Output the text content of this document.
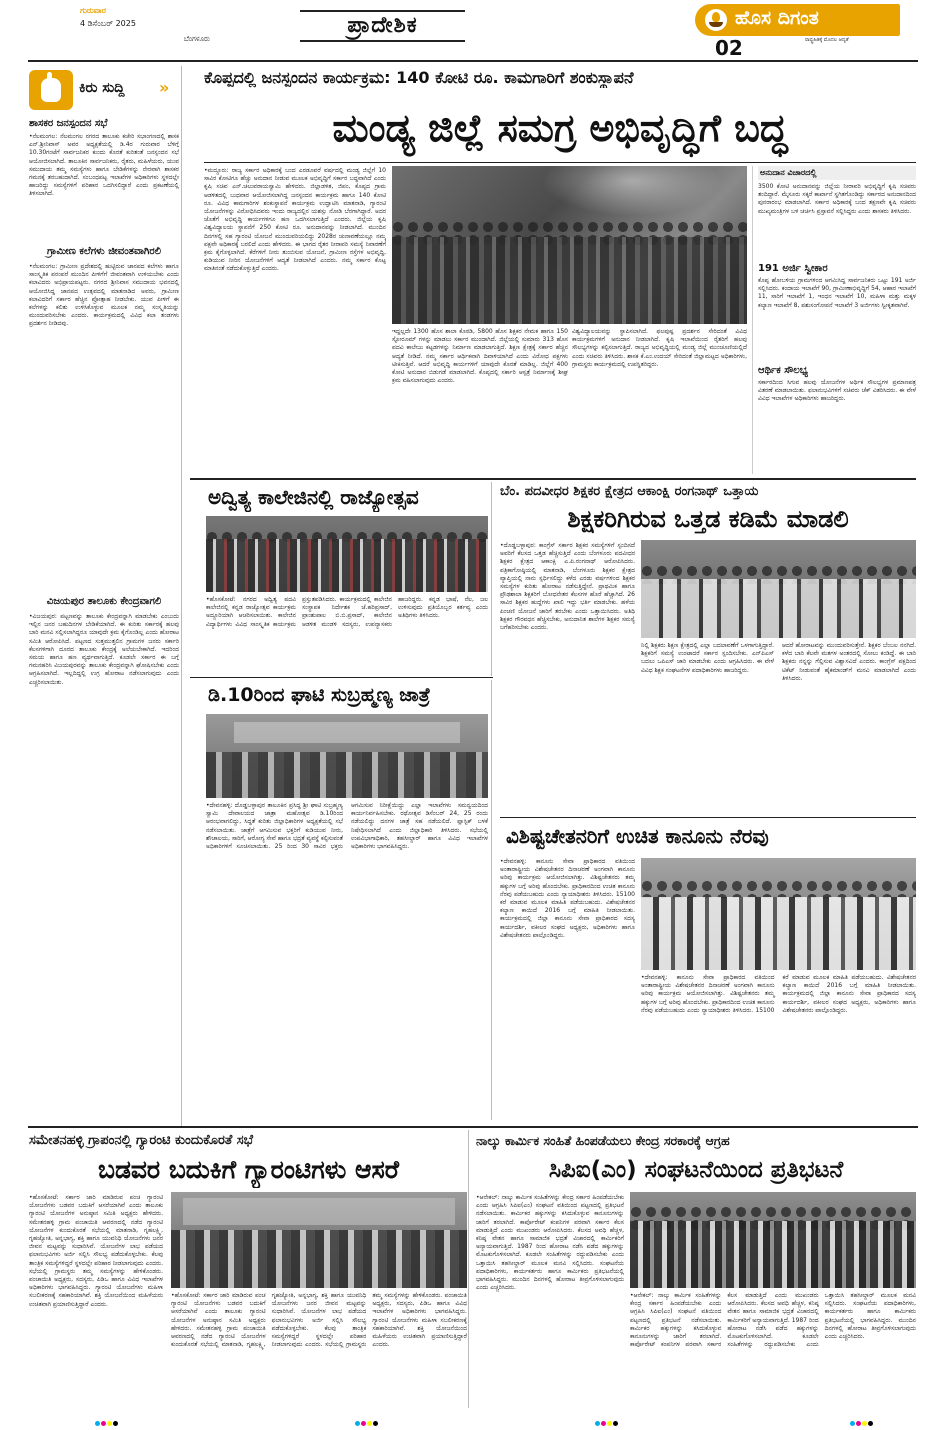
ಗುರುವಾರ
4 ಡಿಸೆಂಬರ್ 2025
ಬೆಂಗಳೂರು
ಪ್ರಾದೇಶಿಕ	ಹೊಸ ದಿಗಂತ
ರಾಷ್ಟ್ರಹಿತಕ್ಕೆ ಮೊದಲ ಆದ್ಯತೆ
02
ಕಿರು ಸುದ್ದಿ »
ಶಾಸಕರ ಜನಸ್ಪಂದನ ಸಭೆ
•ನೆಲಮಂಗಲ: ನೆಲಮಂಗಲ ನಗರದ ತಾಲೂಕು ಕಚೇರಿ ಸಭಾಂಗಣದಲ್ಲಿ ಶಾಸಕ ಎನ್.ಶ್ರೀನಿವಾಸ್ ಅವರ ಅಧ್ಯಕ್ಷತೆಯಲ್ಲಿ ಡಿ.4ರ ಗುರುವಾರ ಬೆಳಿಗ್ಗೆ 10.30ಗಂಟೆಗೆ ಸಾರ್ವಜನಿಕರ ಕುಂದು ಕೊರತೆ ಕುರಿತಂತೆ ಜನಸ್ಪಂದನ ಸಭೆ ಆಯೋಜಿಸಲಾಗಿದೆ. ತಾಲೂಕಿನ ಸಾರ್ವಜನಿಕರು, ರೈತರು, ಮಹಿಳೆಯರು, ಯುವ ಸಮುದಾಯ ತಮ್ಮ ಸಮಸ್ಯೆಗಳು ಹಾಗೂ ಬೇಡಿಕೆಗಳನ್ನು ನೇರವಾಗಿ ಶಾಸಕರ ಗಮನಕ್ಕೆ ತರಬಹುದಾಗಿದೆ. ಸಂಬಂಧಪಟ್ಟ ಇಲಾಖೆಗಳ ಅಧಿಕಾರಿಗಳು ಸ್ಥಳದಲ್ಲೇ ಹಾಜರಿದ್ದು ಸಮಸ್ಯೆಗಳಿಗೆ ಪರಿಹಾರ ಒದಗಿಸಲಿದ್ದಾರೆ ಎಂದು ಪ್ರಕಟಣೆಯಲ್ಲಿ ತಿಳಿಸಲಾಗಿದೆ.
ಗ್ರಾಮೀಣ ಕಲೆಗಳು ಜೀವಂತವಾಗಿರಲಿ
•ನೆಲಮಂಗಲ: ಗ್ರಾಮೀಣ ಪ್ರದೇಶದಲ್ಲಿ ಹುಟ್ಟಿರುವ ಜಾನಪದ ಕಲೆಗಳು ಹಾಗೂ ಸಾಂಸ್ಕೃತಿಕ ಪರಂಪರೆ ಮುಂದಿನ ಪೀಳಿಗೆಗೆ ಜೀವಂತವಾಗಿ ಉಳಿಯಬೇಕು ಎಂದು ಕಲಾವಿದರು ಅಭಿಪ್ರಾಯಪಟ್ಟರು. ನಗರದ ಶ್ರೀನಿವಾಸ ಸಮುದಾಯ ಭವನದಲ್ಲಿ ಆಯೋಜಿಸಿದ್ದ ಜಾನಪದ ಉತ್ಸವದಲ್ಲಿ ಮಾತನಾಡಿದ ಅವರು, ಗ್ರಾಮೀಣ ಕಲಾವಿದರಿಗೆ ಸರ್ಕಾರ ಹೆಚ್ಚಿನ ಪ್ರೋತ್ಸಾಹ ನೀಡಬೇಕು. ಯುವ ಪೀಳಿಗೆ ಈ ಕಲೆಗಳನ್ನು ಕಲಿತು ಉಳಿಸಿಕೊಳ್ಳುವ ಮೂಲಕ ನಮ್ಮ ಸಂಸ್ಕೃತಿಯನ್ನು ಮುಂದುವರಿಸಬೇಕು ಎಂದರು. ಕಾರ್ಯಕ್ರಮದಲ್ಲಿ ವಿವಿಧ ಕಲಾ ತಂಡಗಳು ಪ್ರದರ್ಶನ ನೀಡಿದವು.
ವಿಜಯಪುರ ತಾಲೂಕು ಕೇಂದ್ರವಾಗಲಿ
•ವಿಜಯಪುರ: ಪಟ್ಟಣವನ್ನು ತಾಲೂಕು ಕೇಂದ್ರವನ್ನಾಗಿ ಮಾಡಬೇಕು ಎಂಬುದು ಇಲ್ಲಿನ ಜನರ ಬಹುದಿನಗಳ ಬೇಡಿಕೆಯಾಗಿದೆ. ಈ ಕುರಿತು ಸರ್ಕಾರಕ್ಕೆ ಹಲವು ಬಾರಿ ಮನವಿ ಸಲ್ಲಿಸಲಾಗಿದ್ದರೂ ಯಾವುದೇ ಕ್ರಮ ಕೈಗೊಂಡಿಲ್ಲ ಎಂದು ಹೋರಾಟ ಸಮಿತಿ ಆರೋಪಿಸಿದೆ. ಪಟ್ಟಣದ ಸುತ್ತಮುತ್ತಲಿನ ಗ್ರಾಮಗಳ ಜನರು ಸರ್ಕಾರಿ ಕೆಲಸಗಳಿಗಾಗಿ ದೂರದ ತಾಲೂಕು ಕೇಂದ್ರಕ್ಕೆ ಅಲೆಯಬೇಕಾಗಿದೆ. ಇದರಿಂದ ಸಮಯ ಹಾಗೂ ಹಣ ವ್ಯರ್ಥವಾಗುತ್ತಿದೆ. ಕೂಡಲೇ ಸರ್ಕಾರ ಈ ಬಗ್ಗೆ ಗಮನಹರಿಸಿ ವಿಜಯಪುರವನ್ನು ತಾಲೂಕು ಕೇಂದ್ರವನ್ನಾಗಿ ಘೋಷಿಸಬೇಕು ಎಂದು ಆಗ್ರಹಿಸಲಾಗಿದೆ. ಇಲ್ಲದಿದ್ದಲ್ಲಿ ಉಗ್ರ ಹೋರಾಟ ನಡೆಸಲಾಗುವುದು ಎಂದು ಎಚ್ಚರಿಸಲಾಯಿತು.
ಕೊಪ್ಪದಲ್ಲಿ ಜನಸ್ಪಂದನ ಕಾರ್ಯಕ್ರಮ: 140 ಕೋಟಿ ರೂ. ಕಾಮಗಾರಿಗೆ ಶಂಕುಸ್ಥಾಪನೆ
ಮಂಡ್ಯ ಜಿಲ್ಲೆ ಸಮಗ್ರ ಅಭಿವೃದ್ಧಿಗೆ ಬದ್ಧ
•ಮದ್ದೂರು: ರಾಜ್ಯ ಸರ್ಕಾರ ಅಧಿಕಾರಕ್ಕೆ ಬಂದ ಎರಡೂವರೆ ವರ್ಷದಲ್ಲಿ ಮಂಡ್ಯ ಜಿಲ್ಲೆಗೆ 10 ಸಾವಿರ ಕೋಟಿಗೂ ಹೆಚ್ಚು ಅನುದಾನ ನೀಡುವ ಮೂಲಕ ಅಭಿವೃದ್ಧಿಗೆ ಸರ್ಕಾರ ಬದ್ಧವಾಗಿದೆ ಎಂದು ಕೃಷಿ ಸಚಿವ ಎನ್.ಚಲುವರಾಯಸ್ವಾಮಿ ಹೇಳಿದರು. ಜಿಲ್ಲಾಡಳಿತ, ಜಿಪಂ, ಕೊಪ್ಪದ ಗ್ರಾಮ ಆಡಳಿತದಲ್ಲಿ ಬುಧವಾರ ಆಯೋಜಿಸಲಾಗಿದ್ದ ಜನಸ್ಪಂದನ ಕಾರ್ಯಕ್ರಮ ಹಾಗೂ 140 ಕೋಟಿ ರೂ. ವಿವಿಧ ಕಾಮಗಾರಿಗಳ ಶಂಕುಸ್ಥಾಪನೆ ಕಾರ್ಯಕ್ರಮ ಉದ್ಘಾಟಿಸಿ ಮಾತನಾಡಿ, ಗ್ಯಾರಂಟಿ ಯೋಜನೆಗಳನ್ನು ವಿರೋಧಿಸಿದವರು ಇಂದು ರಾಜ್ಯದಲ್ಲಿನ ಯಶಸ್ಸು ನೋಡಿ ಬೆರಗಾಗಿದ್ದಾರೆ. ಅದರ ಜೊತೆಗೆ ಅಭಿವೃದ್ಧಿ ಕಾರ್ಯಗಳಿಗೂ ಹಣ ಒದಗಿಸಲಾಗುತ್ತಿದೆ ಎಂದರು. ಜಿಲ್ಲೆಯ ಕೃಷಿ ವಿಶ್ವವಿದ್ಯಾಲಯ ಸ್ಥಾಪನೆಗೆ 250 ಕೋಟಿ ರೂ. ಅನುದಾನವನ್ನು ನೀಡಲಾಗಿದೆ. ಮುಂದಿನ ದಿನಗಳಲ್ಲಿ ಸಹ ಗ್ಯಾರಂಟಿ ಯೋಜನೆ ಮುಂದುವರಿಯಲಿದ್ದು 2028ರ ಚುನಾವಣೆಯಲ್ಲೂ ನಮ್ಮ ಪಕ್ಷವೇ ಅಧಿಕಾರಕ್ಕೆ ಬರಲಿದೆ ಎಂದು ಹೇಳಿದರು. ಈ ಭಾಗದ ರೈತರ ನೀರಾವರಿ ಸಮಸ್ಯೆ ನಿವಾರಣೆಗೆ ಕ್ರಮ ಕೈಗೊಳ್ಳಲಾಗಿದೆ. ಕೆರೆಗಳಿಗೆ ನೀರು ತುಂಬಿಸುವ ಯೋಜನೆ, ಗ್ರಾಮೀಣ ರಸ್ತೆಗಳ ಅಭಿವೃದ್ಧಿ, ಕುಡಿಯುವ ನೀರಿನ ಯೋಜನೆಗಳಿಗೆ ಆದ್ಯತೆ ನೀಡಲಾಗಿದೆ ಎಂದರು. ನಮ್ಮ ಸರ್ಕಾರ ಕೊಟ್ಟ ಮಾತಿನಂತೆ ನಡೆದುಕೊಳ್ಳುತ್ತಿದೆ ಎಂದರು.
ಇದ್ದಲ್ಲದೇ 1300 ಹೊಸ ಶಾಲಾ ಕೊಠಡಿ, 5800 ಹೊಸ ಶಿಕ್ಷಕರ ನೇಮಕ ಹಾಗೂ 150 ಸ್ಟೋರೂಮ್ ಗಳನ್ನು ಮಾಡಲು ಸರ್ಕಾರ ಮುಂದಾಗಿದೆ. ಜಿಲ್ಲೆಯಲ್ಲಿ ಸುಮಾರು 313 ಹೊಸ ಪದವಿ ಕಾಲೇಜು ಕಟ್ಟಡಗಳನ್ನು ನಿರ್ಮಾಣ ಮಾಡಲಾಗುತ್ತಿದೆ. ಶಿಕ್ಷಣ ಕ್ಷೇತ್ರಕ್ಕೆ ಸರ್ಕಾರ ಹೆಚ್ಚಿನ ಆದ್ಯತೆ ನೀಡಿದೆ. ನಮ್ಮ ಸರ್ಕಾರ ಆರ್ಥಿಕವಾಗಿ ದಿವಾಳಿಯಾಗಿದೆ ಎಂದು ವಿರೋಧ ಪಕ್ಷಗಳು ಟೀಕಿಸುತ್ತಿವೆ. ಆದರೆ ಅಭಿವೃದ್ಧಿ ಕಾರ್ಯಗಳಿಗೆ ಯಾವುದೇ ಕೊರತೆ ಮಾಡಿಲ್ಲ. ಜಿಲ್ಲೆಗೆ 400 ಕೋಟಿ ಅನುದಾನ ಬಿಡುಗಡೆ ಮಾಡಲಾಗಿದೆ. ಕೊಪ್ಪದಲ್ಲಿ ಸರ್ಕಾರಿ ಆಸ್ಪತ್ರೆ ನಿರ್ಮಾಣಕ್ಕೆ ಶೀಘ್ರ ಕ್ರಮ ವಹಿಸಲಾಗುವುದು ಎಂದರು.
ವಿಶ್ವವಿದ್ಯಾಲಯವನ್ನು ಸ್ಥಾಪಿಸಲಾಗಿದೆ. ಫಲಪುಷ್ಪ ಪ್ರದರ್ಶನ ಸೇರಿದಂತೆ ವಿವಿಧ ಕಾರ್ಯಕ್ರಮಗಳಿಗೆ ಅನುದಾನ ನೀಡಲಾಗಿದೆ. ಕೃಷಿ ಇಲಾಖೆಯಿಂದ ರೈತರಿಗೆ ಹಲವು ಸೌಲಭ್ಯಗಳನ್ನು ಕಲ್ಪಿಸಲಾಗುತ್ತಿದೆ. ರಾಜ್ಯದ ಅಭಿವೃದ್ಧಿಯಲ್ಲಿ ಮಂಡ್ಯ ಜಿಲ್ಲೆ ಮುಂಚೂಣಿಯಲ್ಲಿದೆ ಎಂದು ಸಚಿವರು ತಿಳಿಸಿದರು. ಶಾಸಕ ಕೆ.ಎಂ.ಉದಯ್ ಸೇರಿದಂತೆ ಜಿಲ್ಲಾಮಟ್ಟದ ಅಧಿಕಾರಿಗಳು, ಗ್ರಾಮಸ್ಥರು ಕಾರ್ಯಕ್ರಮದಲ್ಲಿ ಉಪಸ್ಥಿತರಿದ್ದರು.
ಅನುದಾನ ವಿಚಾರದಲ್ಲಿ
3500 ಕೋಟಿ ಅನುದಾನವನ್ನು ಜಿಲ್ಲೆಯ ನೀರಾವರಿ ಅಭಿವೃದ್ಧಿಗೆ ಕೃಷಿ ಸಚಿವರು ತಂದಿದ್ದಾರೆ. ಮೈಸೂರು ಸಕ್ಕರೆ ಕಾರ್ಖಾನೆ ಸ್ಥಗಿತಗೊಂಡಿದ್ದು ಸರ್ಕಾರದ ಅನುದಾನದಿಂದ ಪುನರಾರಂಭ ಮಾಡಲಾಗಿದೆ. ಸರ್ಕಾರ ಅಧಿಕಾರಕ್ಕೆ ಬಂದ ತಕ್ಷಣವೇ ಕೃಷಿ ಸಚಿವರು ಮುಖ್ಯಮಂತ್ರಿಗಳ ಬಳಿ ಚರ್ಚಿಸಿ ಪ್ರಸ್ತಾವನೆ ಸಲ್ಲಿಸಿದ್ದರು ಎಂದು ಶಾಸಕರು ತಿಳಿಸಿದರು.
191 ಅರ್ಜಿ ಸ್ವೀಕಾರ
ಕೊಪ್ಪ ಹೋಬಳಿಯ ಗ್ರಾಮಗಳಿಂದ ಆಗಮಿಸಿದ್ದ ಸಾರ್ವಜನಿಕರು ಒಟ್ಟು 191 ಅರ್ಜಿ ಸಲ್ಲಿಸಿದರು. ಕಂದಾಯ ಇಲಾಖೆಗೆ 90, ಗ್ರಾಮೀಣಾಭಿವೃದ್ಧಿಗೆ 54, ಆಹಾರ ಇಲಾಖೆಗೆ 11, ಸಾರಿಗೆ ಇಲಾಖೆಗೆ 1, ಇಂಧನ ಇಲಾಖೆಗೆ 10, ಮಹಿಳಾ ಮತ್ತು ಮಕ್ಕಳ ಕಲ್ಯಾಣ ಇಲಾಖೆಗೆ 8, ಪಶುಸಂಗೋಪನೆ ಇಲಾಖೆಗೆ 3 ಅರ್ಜಿಗಳು ಸ್ವೀಕೃತವಾಗಿವೆ.
ಆರ್ಥಿಕ ಸೌಲಭ್ಯ
ಸರ್ಕಾರದಿಂದ ಸಿಗುವ ಹಲವು ಯೋಜನೆಗಳ ಅರ್ಥಿಕ ಸೌಲಭ್ಯಗಳ ಪ್ರಮಾಣಪತ್ರ ವಿತರಣೆ ಮಾಡಲಾಯಿತು. ಫಲಾನುಭವಿಗಳಿಗೆ ಸಚಿವರು ಚೆಕ್ ವಿತರಿಸಿದರು. ಈ ವೇಳೆ ವಿವಿಧ ಇಲಾಖೆಗಳ ಅಧಿಕಾರಿಗಳು ಹಾಜರಿದ್ದರು.
ಅದ್ವಿತ್ಯ ಕಾಲೇಜಿನಲ್ಲಿ ರಾಜ್ಯೋತ್ಸವ
•ಹೊಸಕೋಟೆ: ನಗರದ ಅದ್ವಿತ್ಯ ಪದವಿ ಕಾಲೇಜಿನಲ್ಲಿ ಕನ್ನಡ ರಾಜ್ಯೋತ್ಸವ ಕಾರ್ಯಕ್ರಮ ಅದ್ದೂರಿಯಾಗಿ ಆಚರಿಸಲಾಯಿತು. ಕಾಲೇಜಿನ ವಿದ್ಯಾರ್ಥಿಗಳು ವಿವಿಧ ಸಾಂಸ್ಕೃತಿಕ ಕಾರ್ಯಕ್ರಮ ಪ್ರಸ್ತುತಪಡಿಸಿದರು. ಕಾರ್ಯಕ್ರಮದಲ್ಲಿ ಕಾಲೇಜಿನ ಸಂಸ್ಥಾಪಕ ನಿರ್ದೇಶಕ ಜೆ.ಹರಿಪ್ರಸಾದ್, ಪ್ರಾಂಶುಪಾಲ ಬಿ.ಬಿ.ಪ್ರಸಾದ್, ಕಾಲೇಜಿನ ಆಡಳಿತ ಮಂಡಳಿ ಸದಸ್ಯರು, ಉಪನ್ಯಾಸಕರು ಹಾಜರಿದ್ದರು. ಕನ್ನಡ ಭಾಷೆ, ನೆಲ, ಜಲ ಉಳಿಸುವುದು ಪ್ರತಿಯೊಬ್ಬರ ಕರ್ತವ್ಯ ಎಂದು ಅತಿಥಿಗಳು ತಿಳಿಸಿದರು.
ಡಿ.10ರಿಂದ ಘಾಟಿ ಸುಬ್ರಹ್ಮಣ್ಯ ಜಾತ್ರೆ
•ದೇವನಹಳ್ಳಿ: ದೊಡ್ಡಬಳ್ಳಾಪುರ ತಾಲೂಕಿನ ಪ್ರಸಿದ್ಧ ಶ್ರೀ ಘಾಟಿ ಸುಬ್ರಹ್ಮಣ್ಯ ಸ್ವಾಮಿ ದೇವಾಲಯದ ಜಾತ್ರಾ ಮಹೋತ್ಸವ ಡಿ.10ರಿಂದ ಆರಂಭವಾಗಲಿದ್ದು, ಸಿದ್ಧತೆ ಕುರಿತು ಜಿಲ್ಲಾಧಿಕಾರಿಗಳ ಅಧ್ಯಕ್ಷತೆಯಲ್ಲಿ ಸಭೆ ನಡೆಸಲಾಯಿತು. ಜಾತ್ರೆಗೆ ಆಗಮಿಸುವ ಭಕ್ತರಿಗೆ ಕುಡಿಯುವ ನೀರು, ಶೌಚಾಲಯ, ಸಾರಿಗೆ, ಆರೋಗ್ಯ ಸೇವೆ ಹಾಗೂ ಭದ್ರತೆ ವ್ಯವಸ್ಥೆ ಕಲ್ಪಿಸುವಂತೆ ಅಧಿಕಾರಿಗಳಿಗೆ ಸೂಚಿಸಲಾಯಿತು. 25 ರಿಂದ 30 ಸಾವಿರ ಭಕ್ತರು ಆಗಮಿಸುವ ನಿರೀಕ್ಷೆಯಿದ್ದು ಎಲ್ಲಾ ಇಲಾಖೆಗಳು ಸಮನ್ವಯದಿಂದ ಕಾರ್ಯನಿರ್ವಹಿಸಬೇಕು. ರಥೋತ್ಸವ ಡಿಸೆಂಬರ್ 24, 25 ರಂದು ನಡೆಯಲಿದ್ದು ದನಗಳ ಜಾತ್ರೆ ಸಹ ನಡೆಯಲಿದೆ. ಪ್ಲಾಸ್ಟಿಕ್ ಬಳಕೆ ನಿಷೇಧಿಸಲಾಗಿದೆ ಎಂದು ಜಿಲ್ಲಾಧಿಕಾರಿ ತಿಳಿಸಿದರು. ಸಭೆಯಲ್ಲಿ ಉಪವಿಭಾಗಾಧಿಕಾರಿ, ತಹಸೀಲ್ದಾರ್ ಹಾಗೂ ವಿವಿಧ ಇಲಾಖೆಗಳ ಅಧಿಕಾರಿಗಳು ಭಾಗವಹಿಸಿದ್ದರು.
ಬೆಂ. ಪದವೀಧರ ಶಿಕ್ಷಕರ ಕ್ಷೇತ್ರದ ಆಕಾಂಕ್ಷಿ ರಂಗನಾಥ್ ಒತ್ತಾಯ
ಶಿಕ್ಷಕರಿಗಿರುವ ಒತ್ತಡ ಕಡಿಮೆ ಮಾಡಲಿ
•ದೊಡ್ಡಬಳ್ಳಾಪುರ: ಕಾಂಗ್ರೆಸ್ ಸರ್ಕಾರ ಶಿಕ್ಷಕರ ಸಮಸ್ಯೆಗಳಿಗೆ ಸ್ಪಂದಿಸದೆ ಅವರಿಗೆ ಕೆಲಸದ ಒತ್ತಡ ಹೆಚ್ಚಿಸುತ್ತಿದೆ ಎಂದು ಬೆಂಗಳೂರು ಪದವೀಧರ ಶಿಕ್ಷಕರ ಕ್ಷೇತ್ರದ ಆಕಾಂಕ್ಷಿ ಎ.ಪಿ.ರಂಗನಾಥ್ ಆರೋಪಿಸಿದರು. ಪತ್ರಿಕಾಗೋಷ್ಠಿಯಲ್ಲಿ ಮಾತನಾಡಿ, ಬೆಂಗಳೂರು ಶಿಕ್ಷಕರ ಕ್ಷೇತ್ರದ ವ್ಯಾಪ್ತಿಯಲ್ಲಿ ನಾನು ಸ್ಪರ್ಧಿಸಲಿದ್ದು ಕಳೆದ ಎರಡು ವರ್ಷಗಳಿಂದ ಶಿಕ್ಷಕರ ಸಮಸ್ಯೆಗಳ ಕುರಿತು ಹೋರಾಟ ನಡೆಸುತ್ತಿದ್ದೇನೆ. ಪ್ರಾಥಮಿಕ ಹಾಗೂ ಪ್ರೌಢಶಾಲಾ ಶಿಕ್ಷಕರಿಗೆ ಬೋಧನೇತರ ಕೆಲಸಗಳ ಹೊರೆ ಹೆಚ್ಚಾಗಿದೆ. 26 ಸಾವಿರ ಶಿಕ್ಷಕರ ಹುದ್ದೆಗಳು ಖಾಲಿ ಇದ್ದು ಭರ್ತಿ ಮಾಡಬೇಕು. ಹಳೆಯ ಪಿಂಚಣಿ ಯೋಜನೆ ಜಾರಿಗೆ ತರಬೇಕು ಎಂದು ಒತ್ತಾಯಿಸಿದರು. ಅತಿಥಿ ಶಿಕ್ಷಕರ ಗೌರವಧನ ಹೆಚ್ಚಿಸಬೇಕು, ಅನುದಾನಿತ ಶಾಲೆಗಳ ಶಿಕ್ಷಕರ ಸಮಸ್ಯೆ ಬಗೆಹರಿಸಬೇಕು ಎಂದರು.
ನಿಲ್ಲಿ ಶಿಕ್ಷಕರು ಶಿಕ್ಷಣ ಕ್ಷೇತ್ರದಲ್ಲಿ ಎಲ್ಲಾ ಬದಲಾವಣೆಗೆ ಒಳಗಾಗುತ್ತಿದ್ದಾರೆ. ಶಿಕ್ಷಕರಿಗೆ ಸಮಸ್ಯೆ ಉಂಟಾದರೆ ಸರ್ಕಾರ ಸ್ಪಂದಿಸಬೇಕು. ಎನ್‌ಪಿಎಸ್ ಬದಲು ಒಪಿಎಸ್ ಜಾರಿ ಮಾಡಬೇಕು ಎಂದು ಆಗ್ರಹಿಸಿದರು. ಈ ವೇಳೆ ವಿವಿಧ ಶಿಕ್ಷಕ ಸಂಘಟನೆಗಳ ಪದಾಧಿಕಾರಿಗಳು ಹಾಜರಿದ್ದರು.
ಆದರೆ ಹೋರಾಟವನ್ನು ಮುಂದುವರಿಸುತ್ತೇನೆ. ಶಿಕ್ಷಕರ ಬೆಂಬಲ ನನಗಿದೆ. ಕಳೆದ ಬಾರಿ ಕೆಲವೇ ಮತಗಳ ಅಂತರದಲ್ಲಿ ಸೋಲು ಕಂಡಿದ್ದೆ. ಈ ಬಾರಿ ಶಿಕ್ಷಕರು ನನ್ನನ್ನು ಗೆಲ್ಲಿಸುವ ವಿಶ್ವಾಸವಿದೆ ಎಂದರು. ಕಾಂಗ್ರೆಸ್ ಪಕ್ಷದಿಂದ ಟಿಕೆಟ್ ನೀಡುವಂತೆ ಹೈಕಮಾಂಡ್‌ಗೆ ಮನವಿ ಮಾಡಲಾಗಿದೆ ಎಂದು ತಿಳಿಸಿದರು.
ವಿಶಿಷ್ಟಚೇತನರಿಗೆ ಉಚಿತ ಕಾನೂನು ನೆರವು
•ದೇವನಹಳ್ಳಿ: ಕಾನೂನು ಸೇವಾ ಪ್ರಾಧಿಕಾರದ ವತಿಯಿಂದ ಅಂತಾರಾಷ್ಟ್ರೀಯ ವಿಶೇಷಚೇತನರ ದಿನಾಚರಣೆ ಅಂಗವಾಗಿ ಕಾನೂನು ಅರಿವು ಕಾರ್ಯಕ್ರಮ ಆಯೋಜಿಸಲಾಗಿತ್ತು. ವಿಶಿಷ್ಟಚೇತನರು ತಮ್ಮ ಹಕ್ಕುಗಳ ಬಗ್ಗೆ ಅರಿವು ಹೊಂದಬೇಕು. ಪ್ರಾಧಿಕಾರದಿಂದ ಉಚಿತ ಕಾನೂನು ನೆರವು ಪಡೆಯಬಹುದು ಎಂದು ನ್ಯಾಯಾಧೀಶರು ತಿಳಿಸಿದರು. 15100 ಕರೆ ಮಾಡುವ ಮೂಲಕ ಮಾಹಿತಿ ಪಡೆಯಬಹುದು. ವಿಶೇಷಚೇತನರ ಕಲ್ಯಾಣ ಕಾಯಿದೆ 2016 ಬಗ್ಗೆ ಮಾಹಿತಿ ನೀಡಲಾಯಿತು. ಕಾರ್ಯಕ್ರಮದಲ್ಲಿ ಜಿಲ್ಲಾ ಕಾನೂನು ಸೇವಾ ಪ್ರಾಧಿಕಾರದ ಸದಸ್ಯ ಕಾರ್ಯದರ್ಶಿ, ವಕೀಲರ ಸಂಘದ ಅಧ್ಯಕ್ಷರು, ಅಧಿಕಾರಿಗಳು ಹಾಗೂ ವಿಶೇಷಚೇತನರು ಪಾಲ್ಗೊಂಡಿದ್ದರು.
•ದೇವನಹಳ್ಳಿ: ಕಾನೂನು ಸೇವಾ ಪ್ರಾಧಿಕಾರದ ವತಿಯಿಂದ ಅಂತಾರಾಷ್ಟ್ರೀಯ ವಿಶೇಷಚೇತನರ ದಿನಾಚರಣೆ ಅಂಗವಾಗಿ ಕಾನೂನು ಅರಿವು ಕಾರ್ಯಕ್ರಮ ಆಯೋಜಿಸಲಾಗಿತ್ತು. ವಿಶಿಷ್ಟಚೇತನರು ತಮ್ಮ ಹಕ್ಕುಗಳ ಬಗ್ಗೆ ಅರಿವು ಹೊಂದಬೇಕು. ಪ್ರಾಧಿಕಾರದಿಂದ ಉಚಿತ ಕಾನೂನು ನೆರವು ಪಡೆಯಬಹುದು ಎಂದು ನ್ಯಾಯಾಧೀಶರು ತಿಳಿಸಿದರು. 15100 ಕರೆ ಮಾಡುವ ಮೂಲಕ ಮಾಹಿತಿ ಪಡೆಯಬಹುದು. ವಿಶೇಷಚೇತನರ ಕಲ್ಯಾಣ ಕಾಯಿದೆ 2016 ಬಗ್ಗೆ ಮಾಹಿತಿ ನೀಡಲಾಯಿತು. ಕಾರ್ಯಕ್ರಮದಲ್ಲಿ ಜಿಲ್ಲಾ ಕಾನೂನು ಸೇವಾ ಪ್ರಾಧಿಕಾರದ ಸದಸ್ಯ ಕಾರ್ಯದರ್ಶಿ, ವಕೀಲರ ಸಂಘದ ಅಧ್ಯಕ್ಷರು, ಅಧಿಕಾರಿಗಳು ಹಾಗೂ ವಿಶೇಷಚೇತನರು ಪಾಲ್ಗೊಂಡಿದ್ದರು.
ಸಮೇತನಹಳ್ಳಿ ಗ್ರಾಪಂನಲ್ಲಿ ಗ್ಯಾರಂಟಿ ಕುಂದುಕೊರತೆ ಸಭೆ
ಬಡವರ ಬದುಕಿಗೆ ಗ್ಯಾರಂಟಿಗಳು ಆಸರೆ
•ಹೊಸಕೋಟೆ: ಸರ್ಕಾರ ಜಾರಿ ಮಾಡಿರುವ ಪಂಚ ಗ್ಯಾರಂಟಿ ಯೋಜನೆಗಳು ಬಡವರ ಬದುಕಿಗೆ ಆಸರೆಯಾಗಿವೆ ಎಂದು ತಾಲೂಕು ಗ್ಯಾರಂಟಿ ಯೋಜನೆಗಳ ಅನುಷ್ಠಾನ ಸಮಿತಿ ಅಧ್ಯಕ್ಷರು ಹೇಳಿದರು. ಸಮೇತನಹಳ್ಳಿ ಗ್ರಾಮ ಪಂಚಾಯಿತಿ ಆವರಣದಲ್ಲಿ ನಡೆದ ಗ್ಯಾರಂಟಿ ಯೋಜನೆಗಳ ಕುಂದುಕೊರತೆ ಸಭೆಯಲ್ಲಿ ಮಾತನಾಡಿ, ಗೃಹಲಕ್ಷ್ಮಿ, ಗೃಹಜ್ಯೋತಿ, ಅನ್ನಭಾಗ್ಯ, ಶಕ್ತಿ ಹಾಗೂ ಯುವನಿಧಿ ಯೋಜನೆಗಳು ಜನರ ಜೀವನ ಮಟ್ಟವನ್ನು ಸುಧಾರಿಸಿವೆ. ಯೋಜನೆಗಳ ಲಾಭ ಪಡೆಯದ ಫಲಾನುಭವಿಗಳು ಅರ್ಜಿ ಸಲ್ಲಿಸಿ ಸೌಲಭ್ಯ ಪಡೆದುಕೊಳ್ಳಬೇಕು. ಕೆಲವು ತಾಂತ್ರಿಕ ಸಮಸ್ಯೆಗಳಿದ್ದರೆ ಸ್ಥಳದಲ್ಲೇ ಪರಿಹಾರ ನೀಡಲಾಗುವುದು ಎಂದರು. ಸಭೆಯಲ್ಲಿ ಗ್ರಾಮಸ್ಥರು ತಮ್ಮ ಸಮಸ್ಯೆಗಳನ್ನು ಹೇಳಿಕೊಂಡರು. ಪಂಚಾಯಿತಿ ಅಧ್ಯಕ್ಷರು, ಸದಸ್ಯರು, ಪಿಡಿಒ ಹಾಗೂ ವಿವಿಧ ಇಲಾಖೆಗಳ ಅಧಿಕಾರಿಗಳು ಭಾಗವಹಿಸಿದ್ದರು. ಗ್ಯಾರಂಟಿ ಯೋಜನೆಗಳು ಮಹಿಳಾ ಸಬಲೀಕರಣಕ್ಕೆ ಸಹಕಾರಿಯಾಗಿವೆ. ಶಕ್ತಿ ಯೋಜನೆಯಿಂದ ಮಹಿಳೆಯರು ಉಚಿತವಾಗಿ ಪ್ರಯಾಣಿಸುತ್ತಿದ್ದಾರೆ ಎಂದರು.
•ಹೊಸಕೋಟೆ: ಸರ್ಕಾರ ಜಾರಿ ಮಾಡಿರುವ ಪಂಚ ಗ್ಯಾರಂಟಿ ಯೋಜನೆಗಳು ಬಡವರ ಬದುಕಿಗೆ ಆಸರೆಯಾಗಿವೆ ಎಂದು ತಾಲೂಕು ಗ್ಯಾರಂಟಿ ಯೋಜನೆಗಳ ಅನುಷ್ಠಾನ ಸಮಿತಿ ಅಧ್ಯಕ್ಷರು ಹೇಳಿದರು. ಸಮೇತನಹಳ್ಳಿ ಗ್ರಾಮ ಪಂಚಾಯಿತಿ ಆವರಣದಲ್ಲಿ ನಡೆದ ಗ್ಯಾರಂಟಿ ಯೋಜನೆಗಳ ಕುಂದುಕೊರತೆ ಸಭೆಯಲ್ಲಿ ಮಾತನಾಡಿ, ಗೃಹಲಕ್ಷ್ಮಿ, ಗೃಹಜ್ಯೋತಿ, ಅನ್ನಭಾಗ್ಯ, ಶಕ್ತಿ ಹಾಗೂ ಯುವನಿಧಿ ಯೋಜನೆಗಳು ಜನರ ಜೀವನ ಮಟ್ಟವನ್ನು ಸುಧಾರಿಸಿವೆ. ಯೋಜನೆಗಳ ಲಾಭ ಪಡೆಯದ ಫಲಾನುಭವಿಗಳು ಅರ್ಜಿ ಸಲ್ಲಿಸಿ ಸೌಲಭ್ಯ ಪಡೆದುಕೊಳ್ಳಬೇಕು. ಕೆಲವು ತಾಂತ್ರಿಕ ಸಮಸ್ಯೆಗಳಿದ್ದರೆ ಸ್ಥಳದಲ್ಲೇ ಪರಿಹಾರ ನೀಡಲಾಗುವುದು ಎಂದರು. ಸಭೆಯಲ್ಲಿ ಗ್ರಾಮಸ್ಥರು ತಮ್ಮ ಸಮಸ್ಯೆಗಳನ್ನು ಹೇಳಿಕೊಂಡರು. ಪಂಚಾಯಿತಿ ಅಧ್ಯಕ್ಷರು, ಸದಸ್ಯರು, ಪಿಡಿಒ ಹಾಗೂ ವಿವಿಧ ಇಲಾಖೆಗಳ ಅಧಿಕಾರಿಗಳು ಭಾಗವಹಿಸಿದ್ದರು. ಗ್ಯಾರಂಟಿ ಯೋಜನೆಗಳು ಮಹಿಳಾ ಸಬಲೀಕರಣಕ್ಕೆ ಸಹಕಾರಿಯಾಗಿವೆ. ಶಕ್ತಿ ಯೋಜನೆಯಿಂದ ಮಹಿಳೆಯರು ಉಚಿತವಾಗಿ ಪ್ರಯಾಣಿಸುತ್ತಿದ್ದಾರೆ ಎಂದರು.
ನಾಲ್ಕು ಕಾರ್ಮಿಕ ಸಂಹಿತೆ ಹಿಂಪಡೆಯಲು ಕೇಂದ್ರ ಸರಕಾರಕ್ಕೆ ಆಗ್ರಹ
ಸಿಪಿಐ(ಎಂ) ಸಂಘಟನೆಯಿಂದ ಪ್ರತಿಭಟನೆ
•ಆನೇಕಲ್: ನಾಲ್ಕು ಕಾರ್ಮಿಕ ಸಂಹಿತೆಗಳನ್ನು ಕೇಂದ್ರ ಸರ್ಕಾರ ಹಿಂಪಡೆಯಬೇಕು ಎಂದು ಆಗ್ರಹಿಸಿ ಸಿಪಿಐ(ಎಂ) ಸಂಘಟನೆ ವತಿಯಿಂದ ಪಟ್ಟಣದಲ್ಲಿ ಪ್ರತಿಭಟನೆ ನಡೆಸಲಾಯಿತು. ಕಾರ್ಮಿಕರ ಹಕ್ಕುಗಳನ್ನು ಕಸಿದುಕೊಳ್ಳುವ ಕಾನೂನುಗಳನ್ನು ಜಾರಿಗೆ ತರಲಾಗಿದೆ. ಕಾರ್ಪೊರೇಟ್ ಕಂಪನಿಗಳ ಪರವಾಗಿ ಸರ್ಕಾರ ಕೆಲಸ ಮಾಡುತ್ತಿದೆ ಎಂದು ಮುಖಂಡರು ಆರೋಪಿಸಿದರು. ಕೆಲಸದ ಅವಧಿ ಹೆಚ್ಚಳ, ಕನಿಷ್ಠ ವೇತನ ಹಾಗೂ ಸಾಮಾಜಿಕ ಭದ್ರತೆ ವಿಚಾರದಲ್ಲಿ ಕಾರ್ಮಿಕರಿಗೆ ಅನ್ಯಾಯವಾಗುತ್ತಿದೆ. 1987 ರಿಂದ ಹೋರಾಟ ನಡೆಸಿ ಪಡೆದ ಹಕ್ಕುಗಳನ್ನು ಮೊಟಕುಗೊಳಿಸಲಾಗಿದೆ. ಕೂಡಲೇ ಸಂಹಿತೆಗಳನ್ನು ರದ್ದುಪಡಿಸಬೇಕು ಎಂದು ಒತ್ತಾಯಿಸಿ ತಹಸೀಲ್ದಾರ್ ಮೂಲಕ ಮನವಿ ಸಲ್ಲಿಸಿದರು. ಸಂಘಟನೆಯ ಪದಾಧಿಕಾರಿಗಳು, ಕಾರ್ಯಕರ್ತರು ಹಾಗೂ ಕಾರ್ಮಿಕರು ಪ್ರತಿಭಟನೆಯಲ್ಲಿ ಭಾಗವಹಿಸಿದ್ದರು. ಮುಂದಿನ ದಿನಗಳಲ್ಲಿ ಹೋರಾಟ ತೀವ್ರಗೊಳಿಸಲಾಗುವುದು ಎಂದು ಎಚ್ಚರಿಸಿದರು.
•ಆನೇಕಲ್: ನಾಲ್ಕು ಕಾರ್ಮಿಕ ಸಂಹಿತೆಗಳನ್ನು ಕೇಂದ್ರ ಸರ್ಕಾರ ಹಿಂಪಡೆಯಬೇಕು ಎಂದು ಆಗ್ರಹಿಸಿ ಸಿಪಿಐ(ಎಂ) ಸಂಘಟನೆ ವತಿಯಿಂದ ಪಟ್ಟಣದಲ್ಲಿ ಪ್ರತಿಭಟನೆ ನಡೆಸಲಾಯಿತು. ಕಾರ್ಮಿಕರ ಹಕ್ಕುಗಳನ್ನು ಕಸಿದುಕೊಳ್ಳುವ ಕಾನೂನುಗಳನ್ನು ಜಾರಿಗೆ ತರಲಾಗಿದೆ. ಕಾರ್ಪೊರೇಟ್ ಕಂಪನಿಗಳ ಪರವಾಗಿ ಸರ್ಕಾರ ಕೆಲಸ ಮಾಡುತ್ತಿದೆ ಎಂದು ಮುಖಂಡರು ಆರೋಪಿಸಿದರು. ಕೆಲಸದ ಅವಧಿ ಹೆಚ್ಚಳ, ಕನಿಷ್ಠ ವೇತನ ಹಾಗೂ ಸಾಮಾಜಿಕ ಭದ್ರತೆ ವಿಚಾರದಲ್ಲಿ ಕಾರ್ಮಿಕರಿಗೆ ಅನ್ಯಾಯವಾಗುತ್ತಿದೆ. 1987 ರಿಂದ ಹೋರಾಟ ನಡೆಸಿ ಪಡೆದ ಹಕ್ಕುಗಳನ್ನು ಮೊಟಕುಗೊಳಿಸಲಾಗಿದೆ. ಕೂಡಲೇ ಸಂಹಿತೆಗಳನ್ನು ರದ್ದುಪಡಿಸಬೇಕು ಎಂದು ಒತ್ತಾಯಿಸಿ ತಹಸೀಲ್ದಾರ್ ಮೂಲಕ ಮನವಿ ಸಲ್ಲಿಸಿದರು. ಸಂಘಟನೆಯ ಪದಾಧಿಕಾರಿಗಳು, ಕಾರ್ಯಕರ್ತರು ಹಾಗೂ ಕಾರ್ಮಿಕರು ಪ್ರತಿಭಟನೆಯಲ್ಲಿ ಭಾಗವಹಿಸಿದ್ದರು. ಮುಂದಿನ ದಿನಗಳಲ್ಲಿ ಹೋರಾಟ ತೀವ್ರಗೊಳಿಸಲಾಗುವುದು ಎಂದು ಎಚ್ಚರಿಸಿದರು.
